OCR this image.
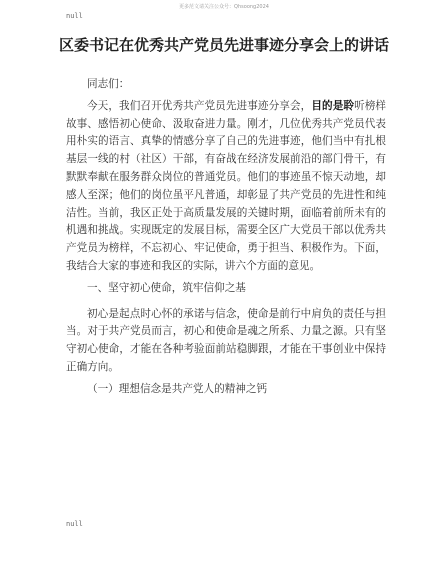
更多范文请关注公众号：Qhsoong2024
null
区委书记在优秀共产党员先进事迹分享会上的讲话

同志们：

今天，我们召开优秀共产党员先进事迹分享会，目的是聆听榜样故事、感悟初心使命、汲取奋进力量。刚才，几位优秀共产党员代表用朴实的语言、真挚的情感分享了自己的先进事迹，他们当中有扎根基层一线的村（社区）干部，有奋战在经济发展前沿的部门骨干，有默默奉献在服务群众岗位的普通党员。他们的事迹虽不惊天动地，却感人至深；他们的岗位虽平凡普通，却彰显了共产党员的先进性和纯洁性。当前，我区正处于高质量发展的关键时期，面临着前所未有的机遇和挑战。实现既定的发展目标，需要全区广大党员干部以优秀共产党员为榜样，不忘初心、牢记使命，勇于担当、积极作为。下面，我结合大家的事迹和我区的实际，讲六个方面的意见。

一、坚守初心使命，筑牢信仰之基

初心是起点时心怀的承诺与信念，使命是前行中肩负的责任与担当。对于共产党员而言，初心和使命是魂之所系、力量之源。只有坚守初心使命，才能在各种考验面前站稳脚跟，才能在干事创业中保持正确方向。

（一）理想信念是共产党人的精神之钙

null
